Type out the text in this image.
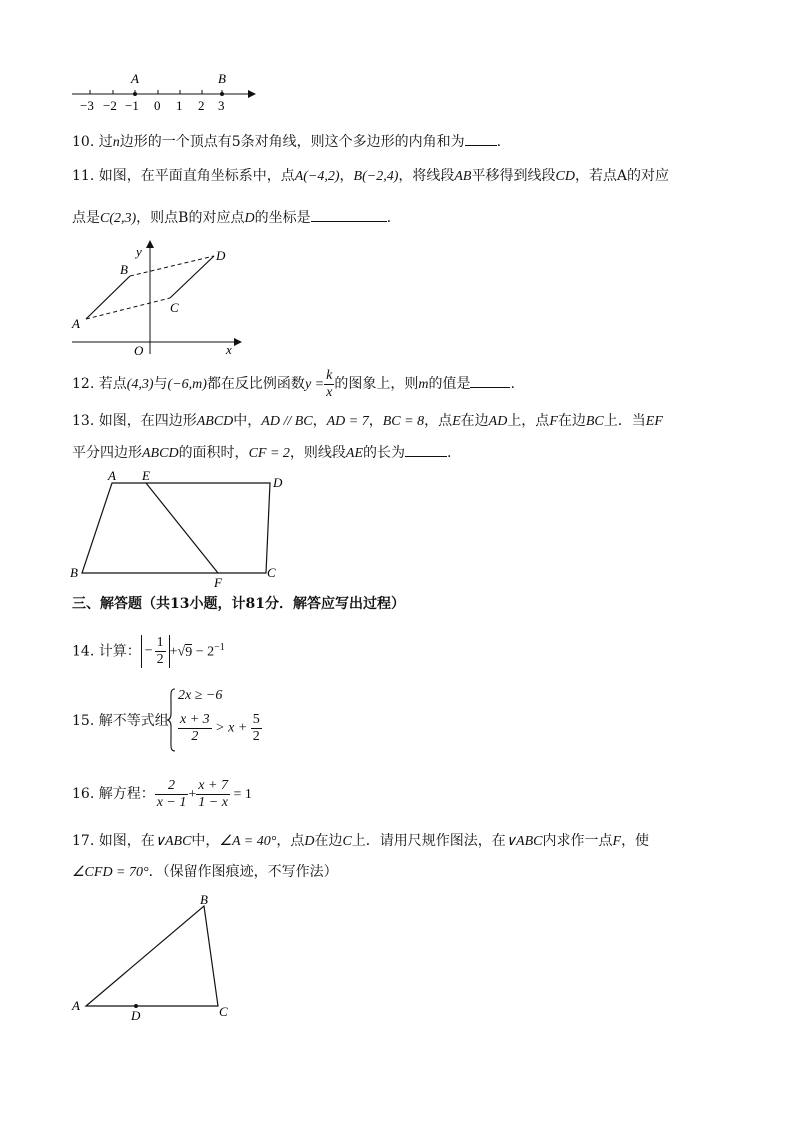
A	B
−3 −2 −1 0 1 2 3
10. 过n边形的一个顶点有5条对角线，则这个多边形的内角和为 .
11. 如图，在平面直角坐标系中，点A(−4,2)，B(−2,4)，将线段AB平移得到线段CD，若点A的对应
点是C(2,3)，则点B的对应点D的坐标是	.
y
x
O
A
B
C
D
12. 若点(4,3)与(−6,m)都在反比例函数$y = \frac{k}{x}$ 的图象上，则m的值是	.
13. 如图，在四边形ABCD中，AD // BC，AD = 7，BC = 8，点E在边AD上，点F在边BC上．当EF
平分四边形ABCD的面积时，CF = 2，则线段AE的长为	.
A E	D
B
F
C
三、解答题（共13小题，计81分．解答应写出过程）
14. 计算： − $\frac{1}{2} +√9 - 2^{-1}$
15. 解不等式组
2x ≥ −6
$\frac{x + 3}{2} > x + \frac{5}{2}$
16. 解方程： $\frac{2}{x - 1} + \frac{x + 7}{1 - x} = 1$
17. 如图，在∨ABC中，∠A = 40°，点D在边C上．请用尺规作图法，在∨ABC内求作一点F，使
∠CFD = 70°．（保留作图痕迹，不写作法）
A
B
C
D
